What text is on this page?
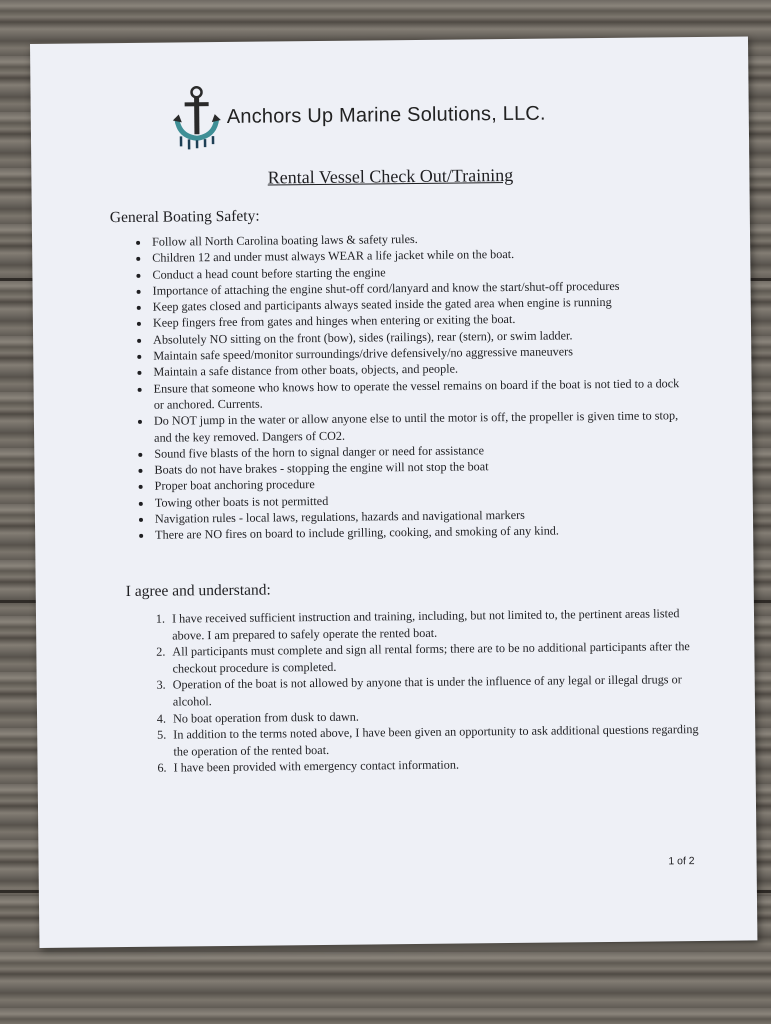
Anchors Up Marine Solutions, LLC.
Rental Vessel Check Out/Training
General Boating Safety:
• Follow all North Carolina boating laws & safety rules.
• Children 12 and under must always WEAR a life jacket while on the boat.
• Conduct a head count before starting the engine
• Importance of attaching the engine shut-off cord/lanyard and know the start/shut-off procedures
• Keep gates closed and participants always seated inside the gated area when engine is running
• Keep fingers free from gates and hinges when entering or exiting the boat.
• Absolutely NO sitting on the front (bow), sides (railings), rear (stern), or swim ladder.
• Maintain safe speed/monitor surroundings/drive defensively/no aggressive maneuvers
• Maintain a safe distance from other boats, objects, and people.
• Ensure that someone who knows how to operate the vessel remains on board if the boat is not tied to a dock or anchored. Currents.
• Do NOT jump in the water or allow anyone else to until the motor is off, the propeller is given time to stop, and the key removed. Dangers of CO2.
• Sound five blasts of the horn to signal danger or need for assistance
• Boats do not have brakes - stopping the engine will not stop the boat
• Proper boat anchoring procedure
• Towing other boats is not permitted
• Navigation rules - local laws, regulations, hazards and navigational markers
• There are NO fires on board to include grilling, cooking, and smoking of any kind.
I agree and understand:
1. I have received sufficient instruction and training, including, but not limited to, the pertinent areas listed above. I am prepared to safely operate the rented boat.
2. All participants must complete and sign all rental forms; there are to be no additional participants after the checkout procedure is completed.
3. Operation of the boat is not allowed by anyone that is under the influence of any legal or illegal drugs or alcohol.
4. No boat operation from dusk to dawn.
5. In addition to the terms noted above, I have been given an opportunity to ask additional questions regarding the operation of the rented boat.
6. I have been provided with emergency contact information.
1 of 2
